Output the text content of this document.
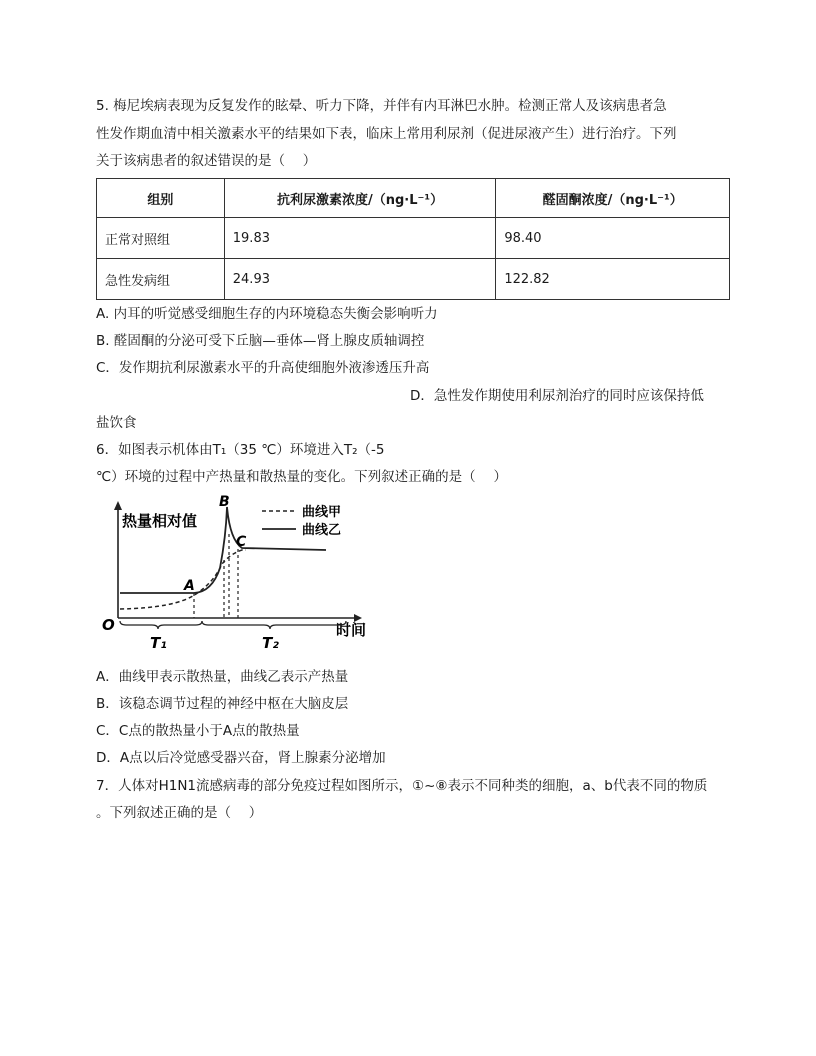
5. 梅尼埃病表现为反复发作的眩晕、听力下降，并伴有内耳淋巴水肿。检测正常人及该病患者急
性发作期血清中相关激素水平的结果如下表，临床上常用利尿剂（促进尿液产生）进行治疗。下列
关于该病患者的叙述错误的是（　 ）
组别	抗利尿激素浓度/（ng·L⁻¹）	醛固酮浓度/（ng·L⁻¹）
正常对照组	19.83	98.40
急性发病组	24.93	122.82
A. 内耳的听觉感受细胞生存的内环境稳态失衡会影响听力
B. 醛固酮的分泌可受下丘脑—垂体—肾上腺皮质轴调控
C．发作期抗利尿激素水平的升高使细胞外液渗透压升高
D．急性发作期使用利尿剂治疗的同时应该保持低
盐饮食
6．如图表示机体由T₁（35 ℃）环境进入T₂（-5
℃）环境的过程中产热量和散热量的变化。下列叙述正确的是（　 ）
热量相对值
时间
O
曲线甲
曲线乙
A
B
C
T₁	T₂
A．曲线甲表示散热量，曲线乙表示产热量
B．该稳态调节过程的神经中枢在大脑皮层
C．C点的散热量小于A点的散热量
D．A点以后冷觉感受器兴奋，肾上腺素分泌增加
7．人体对H1N1流感病毒的部分免疫过程如图所示，①~⑧表示不同种类的细胞，a、b代表不同的物质
。下列叙述正确的是（　 ）
